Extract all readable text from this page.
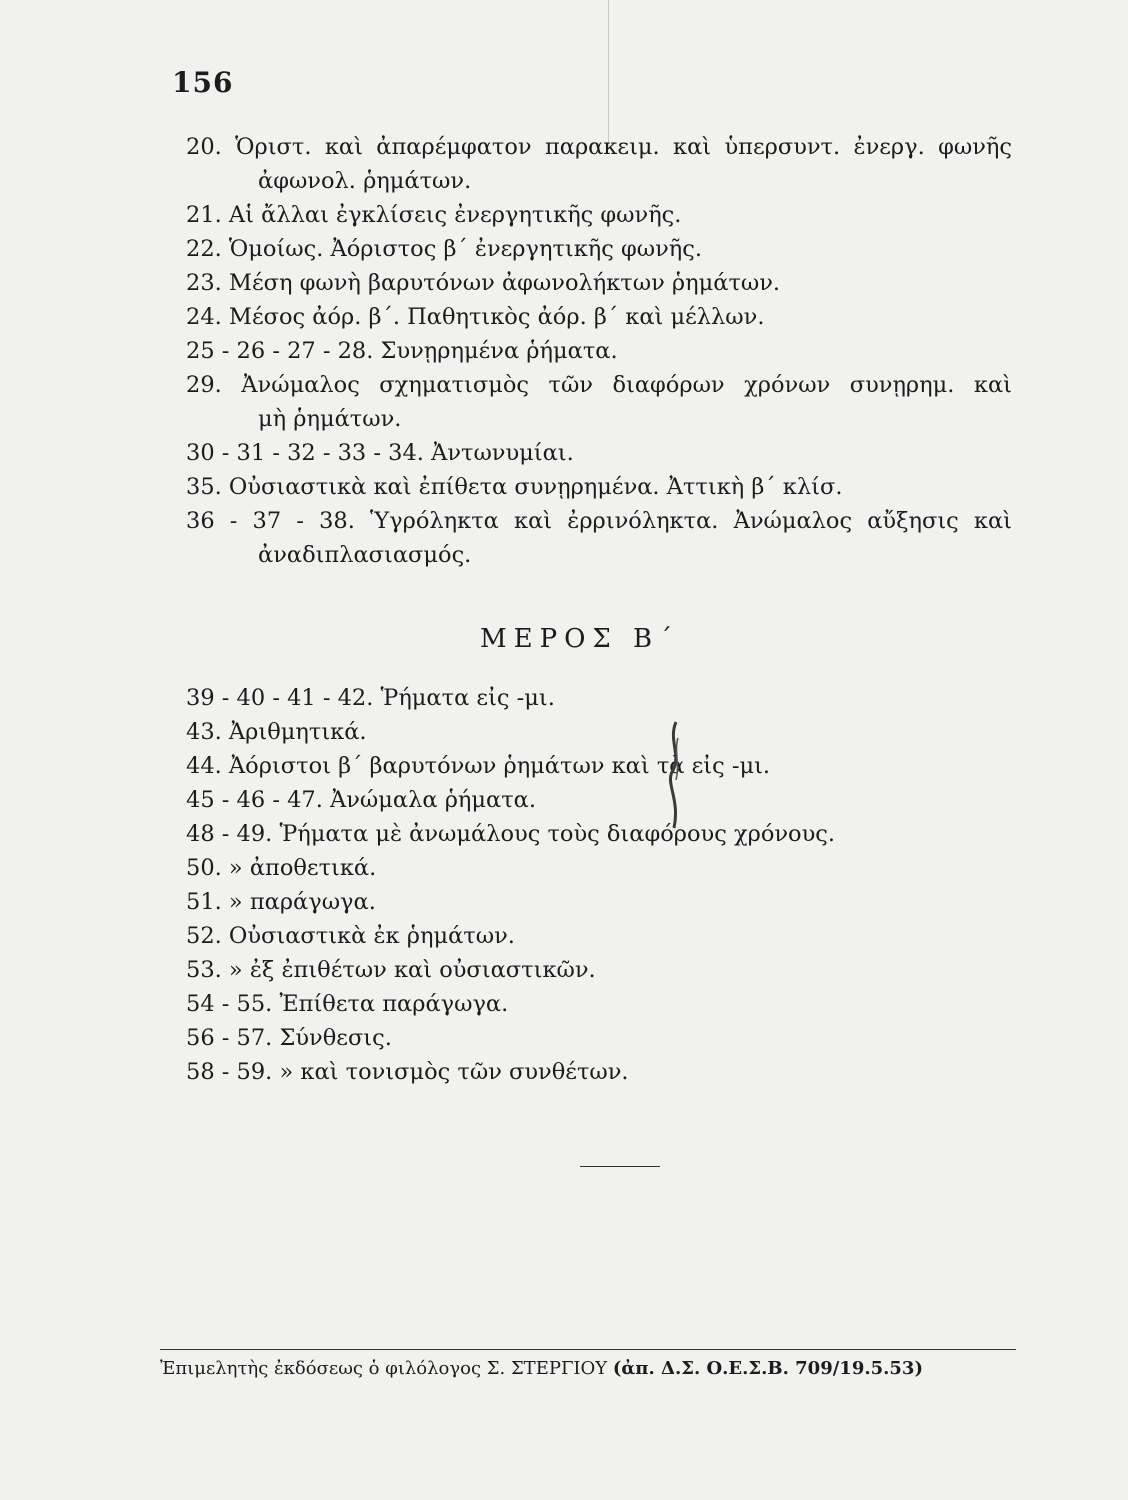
156
20. Ὁριστ. καὶ ἀπαρέμφατον παρακειμ. καὶ ὑπερσυντ. ἐνεργ. φωνῆς
ἀφωνολ. ῥημάτων.
21. Αἱ ἄλλαι ἐγκλίσεις ἐνεργητικῆς φωνῆς.
22. Ὁμοίως. Ἀόριστος β΄ ἐνεργητικῆς φωνῆς.
23. Μέση φωνὴ βαρυτόνων ἀφωνολήκτων ῥημάτων.
24. Μέσος ἀόρ. β΄. Παθητικὸς ἀόρ. β΄ καὶ μέλλων.
25 - 26 - 27 - 28. Συνῃρημένα ῥήματα.
29. Ἀνώμαλος σχηματισμὸς τῶν διαφόρων χρόνων συνῃρημ. καὶ
μὴ ῥημάτων.
30 - 31 - 32 - 33 - 34. Ἀντωνυμίαι.
35. Οὐσιαστικὰ καὶ ἐπίθετα συνῃρημένα. Ἀττικὴ β΄ κλίσ.
36 - 37 - 38. Ὑγρόληκτα καὶ ἐρρινόληκτα. Ἀνώμαλος αὔξησις καὶ
ἀναδιπλασιασμός.
ΜΕΡΟΣ Β΄
39 - 40 - 41 - 42. Ῥήματα εἰς -μι.
43. Ἀριθμητικά.
44. Ἀόριστοι β΄ βαρυτόνων ῥημάτων καὶ τὰ εἰς -μι.
45 - 46 - 47. Ἀνώμαλα ῥήματα.
48 - 49. Ῥήματα μὲ ἀνωμάλους τοὺς διαφόρους χρόνους.
50. » ἀποθετικά.
51. » παράγωγα.
52. Οὐσιαστικὰ ἐκ ῥημάτων.
53. » ἐξ ἐπιθέτων καὶ οὐσιαστικῶν.
54 - 55. Ἐπίθετα παράγωγα.
56 - 57. Σύνθεσις.
58 - 59. » καὶ τονισμὸς τῶν συνθέτων.
Ἐπιμελητὴς ἐκδόσεως ὁ φιλόλογος Σ. ΣΤΕΡΓΙΟΥ (ἀπ. Δ.Σ. Ο.Ε.Σ.Β. 709/19.5.53)
